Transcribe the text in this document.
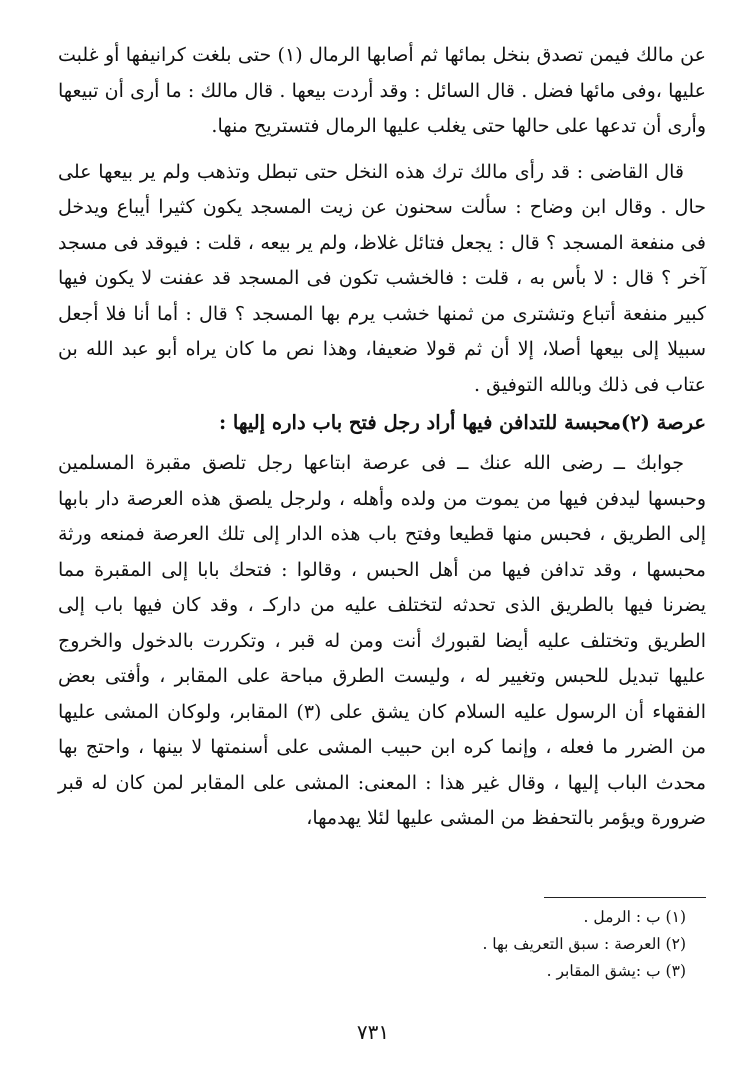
عن مالك فيمن تصدق بنخل بمائها ثم أصابها الرمال (١) حتى بلغت كرانيفها أو غلبت عليها ،وفى مائها فضل . قال السائل : وقد أردت بيعها . قال مالك : ما أرى أن تبيعها وأرى أن تدعها على حالها حتى يغلب عليها الرمال فتستريح منها.

قال القاضى : قد رأى مالك ترك هذه النخل حتى تبطل وتذهب ولم ير بيعها على حال . وقال ابن وضاح : سألت سحنون عن زيت المسجد يكون كثيرا أيباع ويدخل فى منفعة المسجد ؟ قال : يجعل فتائل غلاظ، ولم ير بيعه ، قلت : فيوقد فى مسجد آخر ؟ قال : لا بأس به ، قلت : فالخشب تكون فى المسجد قد عفنت لا يكون فيها كبير منفعة أتباع وتشترى من ثمنها خشب يرم بها المسجد ؟ قال : أما أنا فلا أجعل سبيلا إلى بيعها أصلا، إلا أن ثم قولا ضعيفا، وهذا نص ما كان يراه أبو عبد الله بن عتاب فى ذلك وبالله التوفيق .

عرصة (٢)محبسة للتدافن فيها أراد رجل فتح باب داره إليها :

جوابك ــ رضى الله عنك ــ فى عرصة ابتاعها رجل تلصق مقبرة المسلمين وحبسها ليدفن فيها من يموت من ولده وأهله ، ولرجل يلصق هذه العرصة دار بابها إلى الطريق ، فحبس منها قطيعا وفتح باب هذه الدار إلى تلك العرصة فمنعه ورثة محبسها ، وقد تدافن فيها من أهل الحبس ، وقالوا : فتحك بابا إلى المقبرة مما يضرنا فيها بالطريق الذى تحدثه لتختلف عليه من داركـ ، وقد كان فيها باب إلى الطريق وتختلف عليه أيضا لقبورك أنت ومن له قبر ، وتكررت بالدخول والخروج عليها تبديل للحبس وتغيير له ، وليست الطرق مباحة على المقابر ، وأفتى بعض الفقهاء أن الرسول عليه السلام كان يشق على (٣) المقابر، ولوكان المشى عليها من الضرر ما فعله ، وإنما كره ابن حبيب المشى على أسنمتها لا بينها ، واحتج بها محدث الباب إليها ، وقال غير هذا : المعنى: المشى على المقابر لمن كان له قبر ضرورة ويؤمر بالتحفظ من المشى عليها لئلا يهدمها،

(١) ب : الرمل .
(٢) العرصة : سبق التعريف بها .
(٣) ب :يشق المقابر .
٧٣١
